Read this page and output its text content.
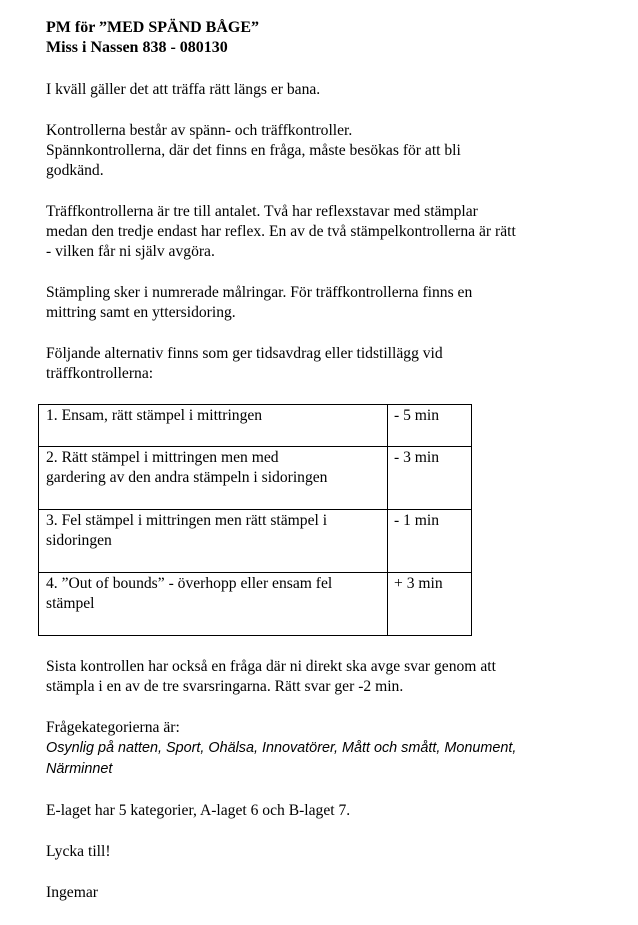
PM för ”MED SPÄND BÅGE”

Miss i Nassen 838 - 080130

I kväll gäller det att träffa rätt längs er bana.

Kontrollerna består av spänn- och träffkontroller.

Spännkontrollerna, där det finns en fråga, måste besökas för att bli

godkänd.

Träffkontrollerna är tre till antalet. Två har reflexstavar med stämplar

medan den tredje endast har reflex. En av de två stämpelkontrollerna är rätt

- vilken får ni själv avgöra.

Stämpling sker i numrerade målringar. För träffkontrollerna finns en

mittring samt en yttersidoring.

Följande alternativ finns som ger tidsavdrag eller tidstillägg vid

träffkontrollerna:

1. Ensam, rätt stämpel i mittringen	- 5 min

2. Rätt stämpel i mittringen men med
gardering av den andra stämpeln i sidoringen	- 3 min

3. Fel stämpel i mittringen men rätt stämpel i
sidoringen	- 1 min

4. ”Out of bounds” - överhopp eller ensam fel
stämpel	+ 3 min

Sista kontrollen har också en fråga där ni direkt ska avge svar genom att

stämpla i en av de tre svarsringarna. Rätt svar ger -2 min.

Frågekategorierna är:

Osynlig på natten, Sport, Ohälsa, Innovatörer, Mått och smått, Monument,

Närminnet

E-laget har 5 kategorier, A-laget 6 och B-laget 7.

Lycka till!

Ingemar
